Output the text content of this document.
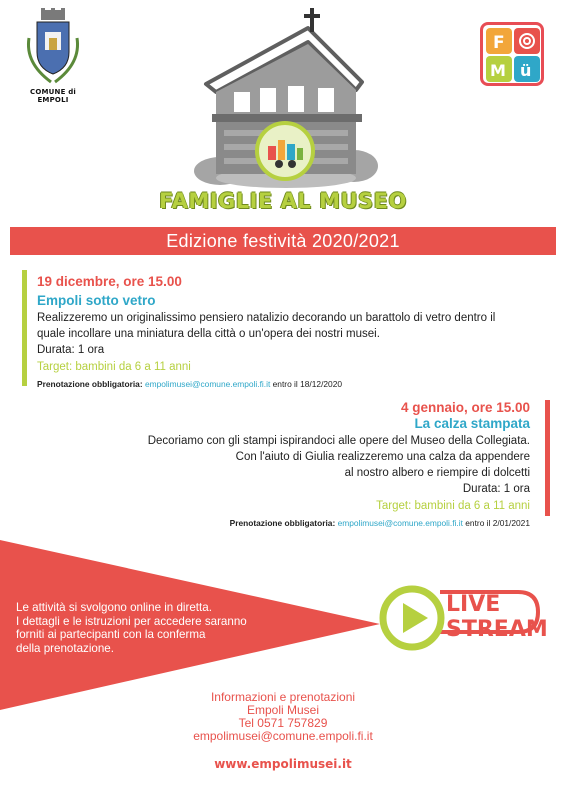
COMUNE di EMPOLI
F
M ü
FAMIGLIE AL MUSEO
Edizione festività 2020/2021
19 dicembre, ore 15.00
Empoli sotto vetro
Realizzeremo un originalissimo pensiero natalizio decorando un barattolo di vetro dentro il
quale incollare una miniatura della città o un'opera dei nostri musei.
Durata: 1 ora
Target: bambini da 6 a 11 anni
Prenotazione obbligatoria: empolimusei@comune.empoli.fi.it entro il 18/12/2020
4 gennaio, ore 15.00
La calza stampata
Decoriamo con gli stampi ispirandoci alle opere del Museo della Collegiata.
Con l'aiuto di Giulia realizzeremo una calza da appendere
al nostro albero e riempire di dolcetti
Durata: 1 ora
Target: bambini da 6 a 11 anni
Prenotazione obbligatoria: empolimusei@comune.empoli.fi.it entro il 2/01/2021
Le attività si svolgono online in diretta.
I dettagli e le istruzioni per accedere saranno
forniti ai partecipanti con la conferma
della prenotazione.
LIVE
STREAM
Informazioni e prenotazioni
Empoli Musei
Tel 0571 757829
empolimusei@comune.empoli.fi.it
www.empolimusei.it
